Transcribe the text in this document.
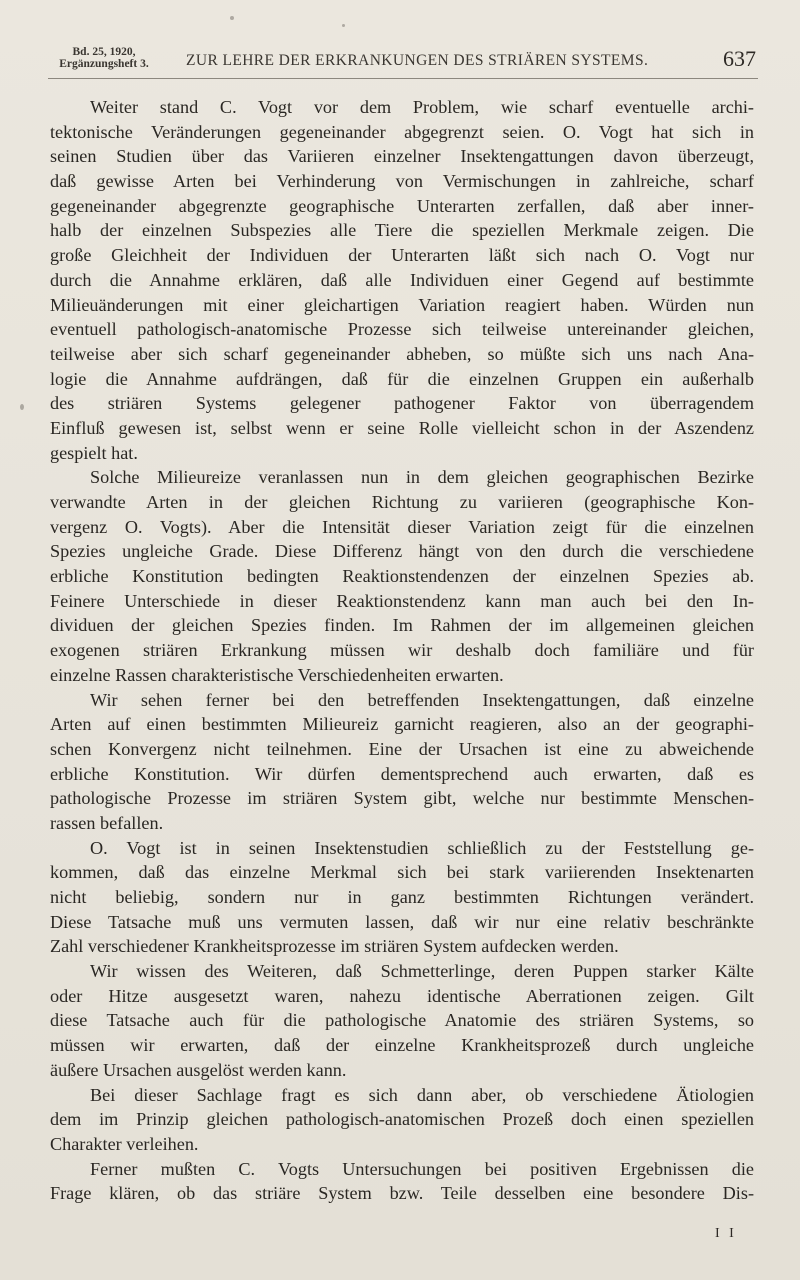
Bd. 25, 1920,
Ergänzungsheft 3.	ZUR LEHRE DER ERKRANKUNGEN DES STRIÄREN SYSTEMS.	637
Weiter stand C. Vogt vor dem Problem, wie scharf eventuelle archi-
tektonische Veränderungen gegeneinander abgegrenzt seien. O. Vogt hat sich in
seinen Studien über das Variieren einzelner Insektengattungen davon überzeugt,
daß gewisse Arten bei Verhinderung von Vermischungen in zahlreiche, scharf
gegeneinander abgegrenzte geographische Unterarten zerfallen, daß aber inner-
halb der einzelnen Subspezies alle Tiere die speziellen Merkmale zeigen. Die
große Gleichheit der Individuen der Unterarten läßt sich nach O. Vogt nur
durch die Annahme erklären, daß alle Individuen einer Gegend auf bestimmte
Milieuänderungen mit einer gleichartigen Variation reagiert haben. Würden nun
eventuell pathologisch-anatomische Prozesse sich teilweise untereinander gleichen,
teilweise aber sich scharf gegeneinander abheben, so müßte sich uns nach Ana-
logie die Annahme aufdrängen, daß für die einzelnen Gruppen ein außerhalb
des striären Systems gelegener pathogener Faktor von überragendem
Einfluß gewesen ist, selbst wenn er seine Rolle vielleicht schon in der Aszendenz
gespielt hat.
Solche Milieureize veranlassen nun in dem gleichen geographischen Bezirke
verwandte Arten in der gleichen Richtung zu variieren (geographische Kon-
vergenz O. Vogts). Aber die Intensität dieser Variation zeigt für die einzelnen
Spezies ungleiche Grade. Diese Differenz hängt von den durch die verschiedene
erbliche Konstitution bedingten Reaktionstendenzen der einzelnen Spezies ab.
Feinere Unterschiede in dieser Reaktionstendenz kann man auch bei den In-
dividuen der gleichen Spezies finden. Im Rahmen der im allgemeinen gleichen
exogenen striären Erkrankung müssen wir deshalb doch familiäre und für
einzelne Rassen charakteristische Verschiedenheiten erwarten.
Wir sehen ferner bei den betreffenden Insektengattungen, daß einzelne
Arten auf einen bestimmten Milieureiz garnicht reagieren, also an der geographi-
schen Konvergenz nicht teilnehmen. Eine der Ursachen ist eine zu abweichende
erbliche Konstitution. Wir dürfen dementsprechend auch erwarten, daß es
pathologische Prozesse im striären System gibt, welche nur bestimmte Menschen-
rassen befallen.
O. Vogt ist in seinen Insektenstudien schließlich zu der Feststellung ge-
kommen, daß das einzelne Merkmal sich bei stark variierenden Insektenarten
nicht beliebig, sondern nur in ganz bestimmten Richtungen verändert.
Diese Tatsache muß uns vermuten lassen, daß wir nur eine relativ beschränkte
Zahl verschiedener Krankheitsprozesse im striären System aufdecken werden.
Wir wissen des Weiteren, daß Schmetterlinge, deren Puppen starker Kälte
oder Hitze ausgesetzt waren, nahezu identische Aberrationen zeigen. Gilt
diese Tatsache auch für die pathologische Anatomie des striären Systems, so
müssen wir erwarten, daß der einzelne Krankheitsprozeß durch ungleiche
äußere Ursachen ausgelöst werden kann.
Bei dieser Sachlage fragt es sich dann aber, ob verschiedene Ätiologien
dem im Prinzip gleichen pathologisch-anatomischen Prozeß doch einen speziellen
Charakter verleihen.
Ferner mußten C. Vogts Untersuchungen bei positiven Ergebnissen die
Frage klären, ob das striäre System bzw. Teile desselben eine besondere Dis-
I I
